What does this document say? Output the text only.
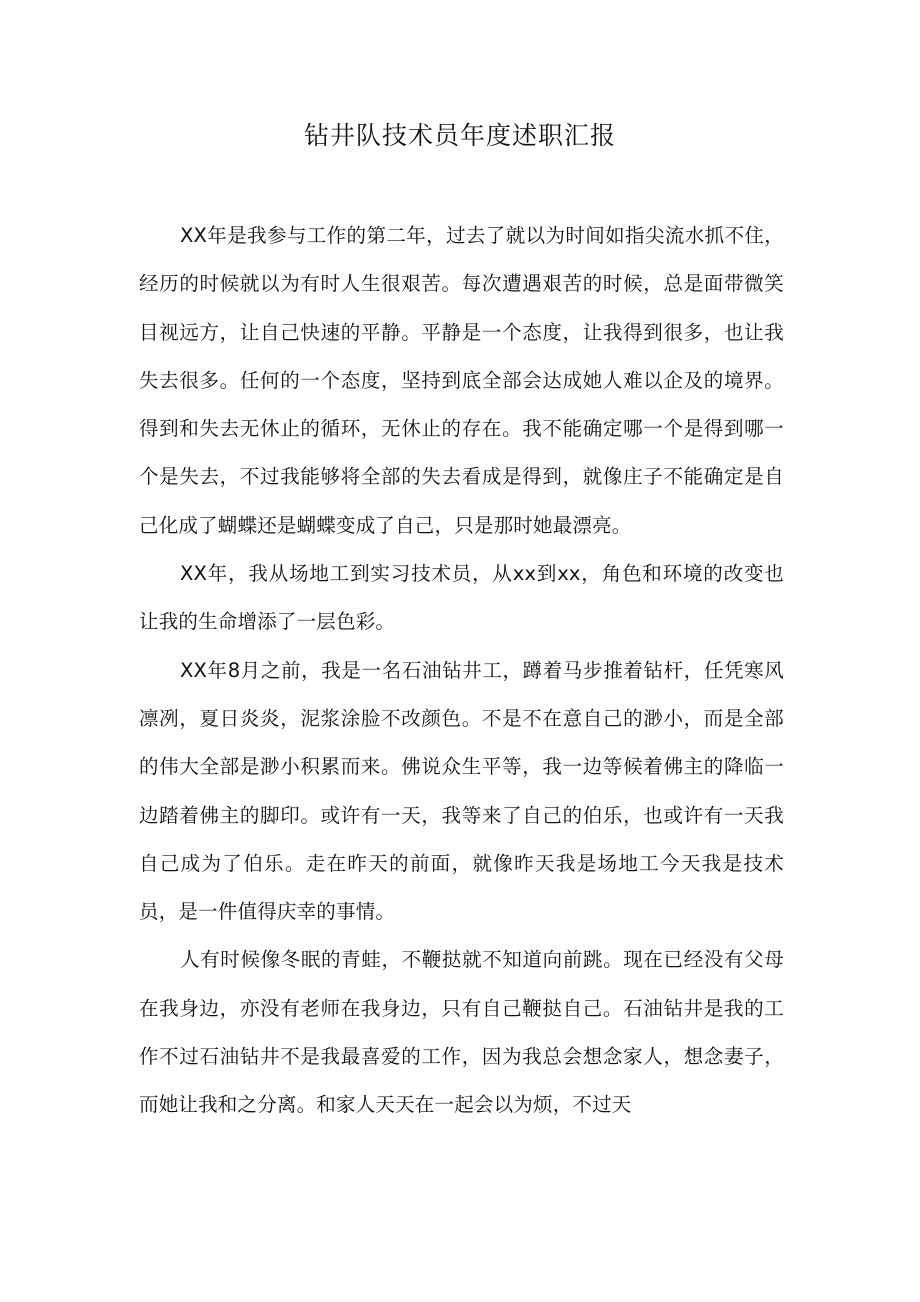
钻井队技术员年度述职汇报

XX年是我参与工作的第二年，过去了就以为时间如指尖流水抓不住，经历的时候就以为有时人生很艰苦。每次遭遇艰苦的时候，总是面带微笑目视远方，让自己快速的平静。平静是一个态度，让我得到很多，也让我失去很多。任何的一个态度，坚持到底全部会达成她人难以企及的境界。得到和失去无休止的循环，无休止的存在。我不能确定哪一个是得到哪一个是失去，不过我能够将全部的失去看成是得到，就像庄子不能确定是自己化成了蝴蝶还是蝴蝶变成了自己，只是那时她最漂亮。

XX年，我从场地工到实习技术员，从xx到xx，角色和环境的改变也让我的生命增添了一层色彩。

XX年8月之前，我是一名石油钻井工，蹲着马步推着钻杆，任凭寒风凛冽，夏日炎炎，泥浆涂脸不改颜色。不是不在意自己的渺小，而是全部的伟大全部是渺小积累而来。佛说众生平等，我一边等候着佛主的降临一边踏着佛主的脚印。或许有一天，我等来了自己的伯乐，也或许有一天我自己成为了伯乐。走在昨天的前面，就像昨天我是场地工今天我是技术员，是一件值得庆幸的事情。

人有时候像冬眠的青蛙，不鞭挞就不知道向前跳。现在已经没有父母在我身边，亦没有老师在我身边，只有自己鞭挞自己。石油钻井是我的工作不过石油钻井不是我最喜爱的工作，因为我总会想念家人，想念妻子，而她让我和之分离。和家人天天在一起会以为烦，不过天
